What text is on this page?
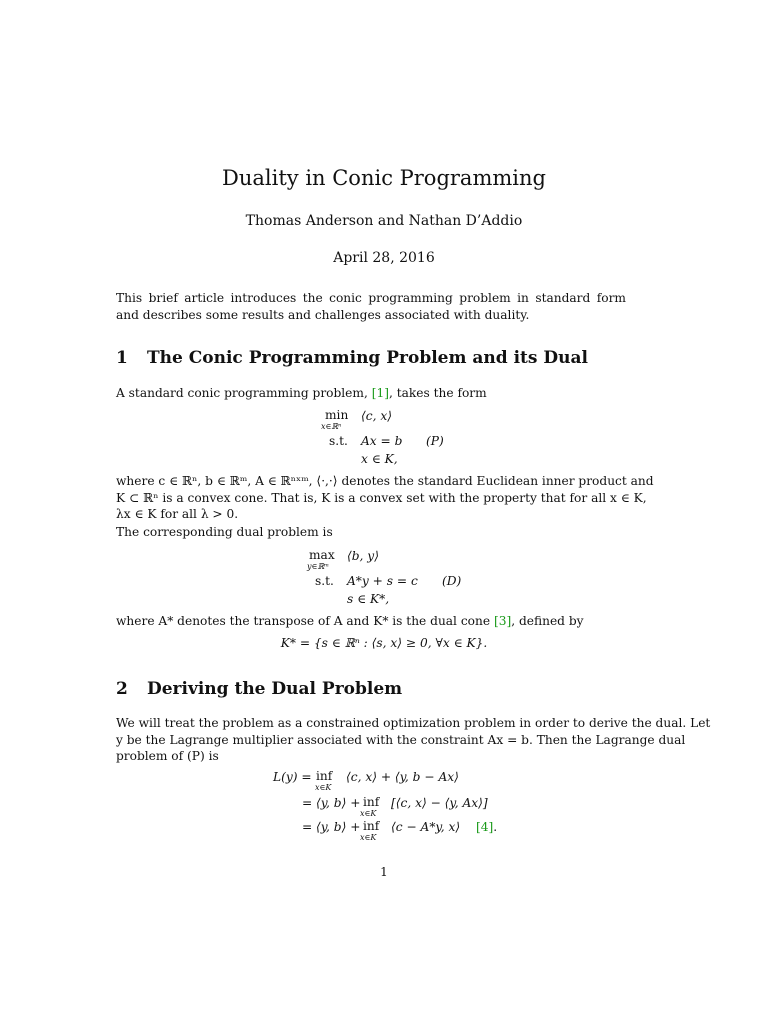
Duality in Conic Programming
Thomas Anderson and Nathan D’Addio
April 28, 2016
This brief article introduces the conic programming problem in standard form and describes some results and challenges associated with duality.
1 The Conic Programming Problem and its Dual
A standard conic programming problem, [1], takes the form
min
x∈ℝⁿ
⟨c, x⟩
s.t. Ax = b (P)
x ∈ K,
where c ∈ ℝⁿ, b ∈ ℝᵐ, A ∈ ℝⁿˣᵐ, ⟨·,·⟩ denotes the standard Euclidean inner product and
K ⊂ ℝⁿ is a convex cone. That is, K is a convex set with the property that for all x ∈ K,
λx ∈ K for all λ > 0.
The corresponding dual problem is
max
y∈ℝᵐ
⟨b, y⟩
s.t. A*y + s = c (D)
s ∈ K*,
where A* denotes the transpose of A and K* is the dual cone [3], defined by
K* = {s ∈ ℝⁿ : ⟨s, x⟩ ≥ 0, ∀x ∈ K}.
2 Deriving the Dual Problem
We will treat the problem as a constrained optimization problem in order to derive the dual. Let
y be the Lagrange multiplier associated with the constraint Ax = b. Then the Lagrange dual
problem of (P) is
L(y) = inf
x∈K
⟨c, x⟩ + ⟨y, b − Ax⟩
= ⟨y, b⟩ + inf
x∈K
[⟨c, x⟩ − ⟨y, Ax⟩]
= ⟨y, b⟩ + inf
x∈K
⟨c − A*y, x⟩ [4].
1
